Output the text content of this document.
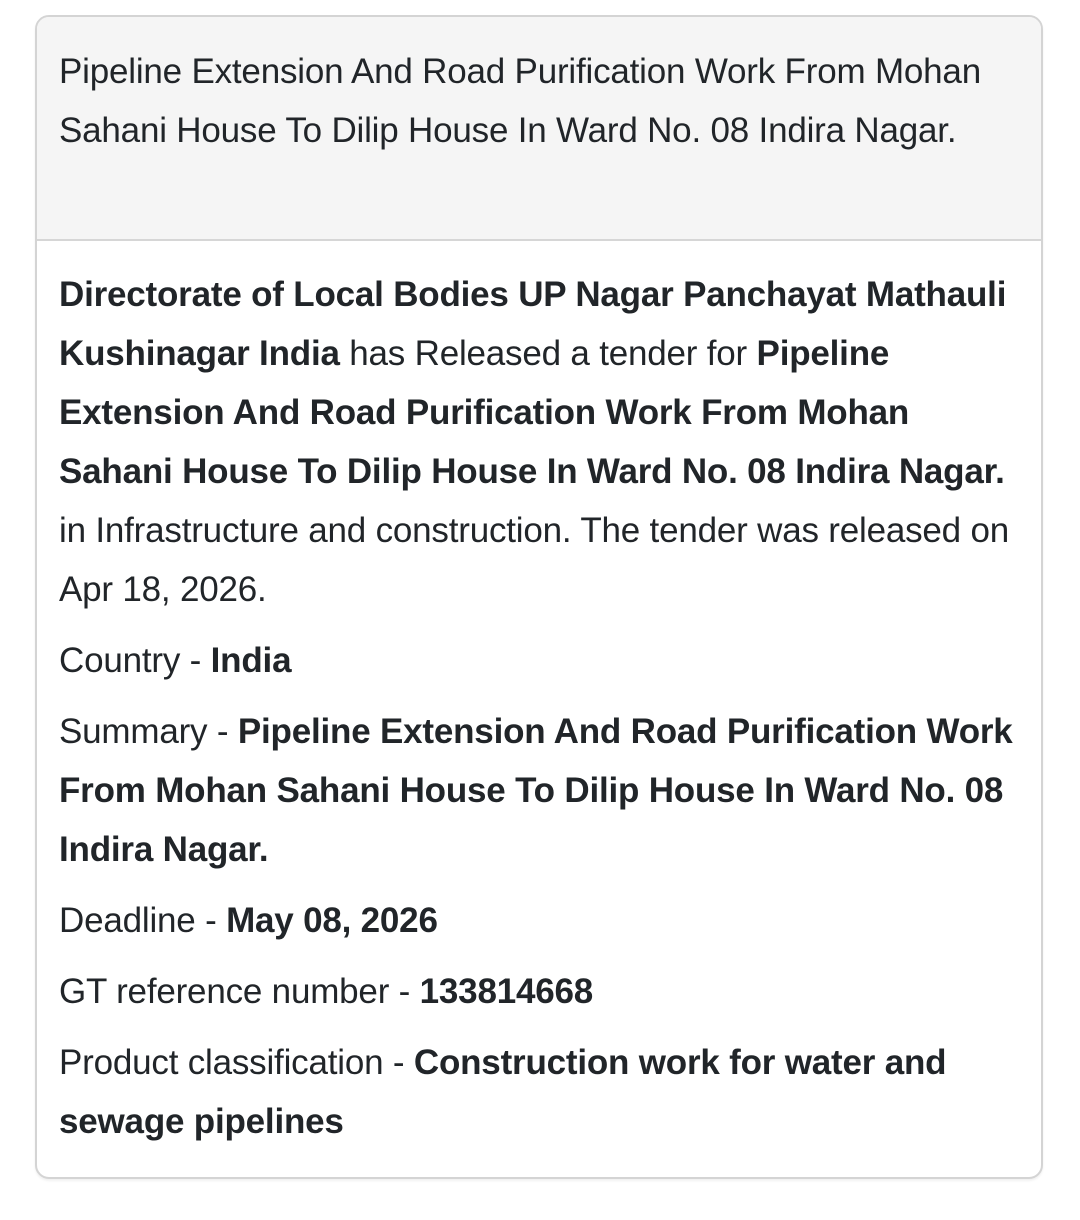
Pipeline Extension And Road Purification Work From Mohan Sahani House To Dilip House In Ward No. 08 Indira Nagar.

Directorate of Local Bodies UP Nagar Panchayat Mathauli Kushinagar India has Released a tender for Pipeline Extension And Road Purification Work From Mohan Sahani House To Dilip House In Ward No. 08 Indira Nagar. in Infrastructure and construction. The tender was released on Apr 18, 2026.

Country - India
Summary - Pipeline Extension And Road Purification Work From Mohan Sahani House To Dilip House In Ward No. 08 Indira Nagar.
Deadline - May 08, 2026
GT reference number - 133814668
Product classification - Construction work for water and sewage pipelines
